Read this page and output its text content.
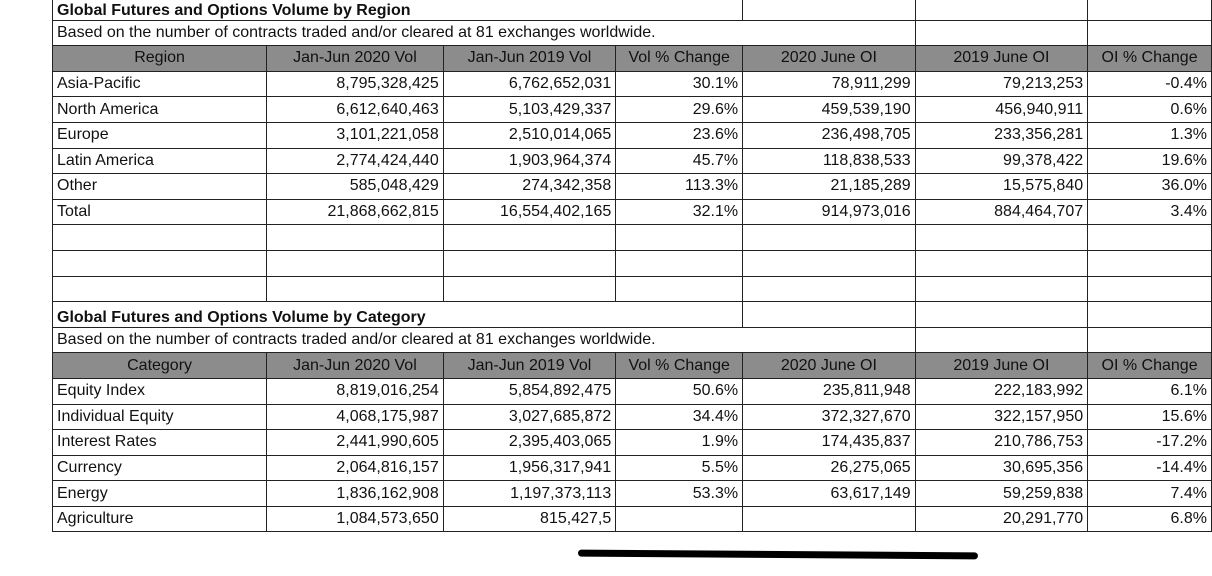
Global Futures and Options Volume by Region						
Based on the number of contracts traded and/or cleared at 81 exchanges worldwide.						
Region	Jan-Jun 2020 Vol	Jan-Jun 2019 Vol	Vol % Change	2020 June OI	2019 June OI	OI % Change
Asia-Pacific	8,795,328,425	6,762,652,031	30.1%	78,911,299	79,213,253	-0.4%
North America	6,612,640,463	5,103,429,337	29.6%	459,539,190	456,940,911	0.6%
Europe	3,101,221,058	2,510,014,065	23.6%	236,498,705	233,356,281	1.3%
Latin America	2,774,424,440	1,903,964,374	45.7%	118,838,533	99,378,422	19.6%
Other	585,048,429	274,342,358	113.3%	21,185,289	15,575,840	36.0%
Total	21,868,662,815	16,554,402,165	32.1%	914,973,016	884,464,707	3.4%

Global Futures and Options Volume by Category						
Based on the number of contracts traded and/or cleared at 81 exchanges worldwide.						
Category	Jan-Jun 2020 Vol	Jan-Jun 2019 Vol	Vol % Change	2020 June OI	2019 June OI	OI % Change
Equity Index	8,819,016,254	5,854,892,475	50.6%	235,811,948	222,183,992	6.1%
Individual Equity	4,068,175,987	3,027,685,872	34.4%	372,327,670	322,157,950	15.6%
Interest Rates	2,441,990,605	2,395,403,065	1.9%	174,435,837	210,786,753	-17.2%
Currency	2,064,816,157	1,956,317,941	5.5%	26,275,065	30,695,356	-14.4%
Energy	1,836,162,908	1,197,373,113	53.3%	63,617,149	59,259,838	7.4%
Agriculture	1,084,573,650	815,427,5			20,291,770	6.8%
